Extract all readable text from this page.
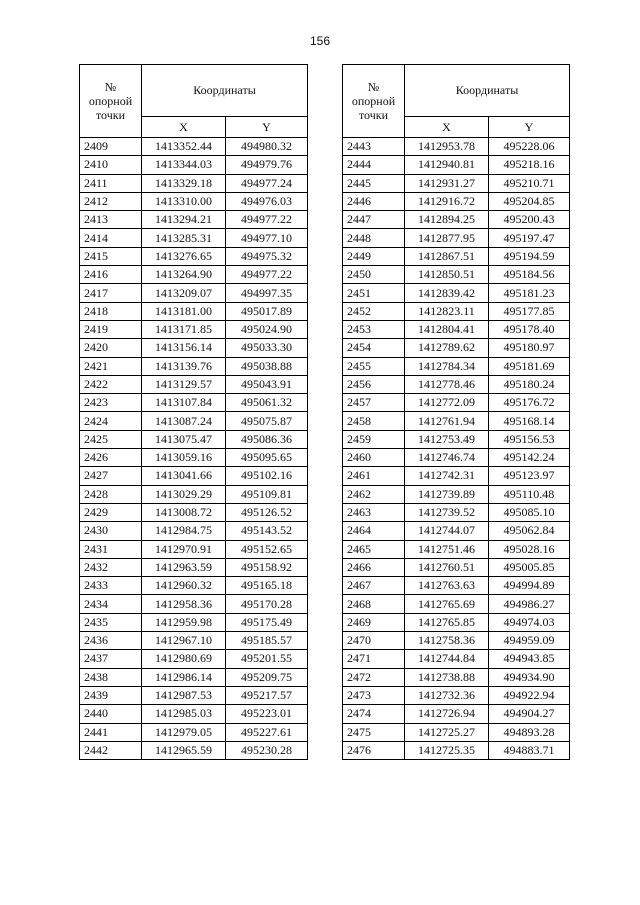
156
№ опорной точки	Координаты	
	X	Y
2409	1413352.44	494980.32
2410	1413344.03	494979.76
2411	1413329.18	494977.24
2412	1413310.00	494976.03
2413	1413294.21	494977.22
2414	1413285.31	494977.10
2415	1413276.65	494975.32
2416	1413264.90	494977.22
2417	1413209.07	494997.35
2418	1413181.00	495017.89
2419	1413171.85	495024.90
2420	1413156.14	495033.30
2421	1413139.76	495038.88
2422	1413129.57	495043.91
2423	1413107.84	495061.32
2424	1413087.24	495075.87
2425	1413075.47	495086.36
2426	1413059.16	495095.65
2427	1413041.66	495102.16
2428	1413029.29	495109.81
2429	1413008.72	495126.52
2430	1412984.75	495143.52
2431	1412970.91	495152.65
2432	1412963.59	495158.92
2433	1412960.32	495165.18
2434	1412958.36	495170.28
2435	1412959.98	495175.49
2436	1412967.10	495185.57
2437	1412980.69	495201.55
2438	1412986.14	495209.75
2439	1412987.53	495217.57
2440	1412985.03	495223.01
2441	1412979.05	495227.61
2442	1412965.59	495230.28
№ опорной точки	Координаты	
	X	Y
2443	1412953.78	495228.06
2444	1412940.81	495218.16
2445	1412931.27	495210.71
2446	1412916.72	495204.85
2447	1412894.25	495200.43
2448	1412877.95	495197.47
2449	1412867.51	495194.59
2450	1412850.51	495184.56
2451	1412839.42	495181.23
2452	1412823.11	495177.85
2453	1412804.41	495178.40
2454	1412789.62	495180.97
2455	1412784.34	495181.69
2456	1412778.46	495180.24
2457	1412772.09	495176.72
2458	1412761.94	495168.14
2459	1412753.49	495156.53
2460	1412746.74	495142.24
2461	1412742.31	495123.97
2462	1412739.89	495110.48
2463	1412739.52	495085.10
2464	1412744.07	495062.84
2465	1412751.46	495028.16
2466	1412760.51	495005.85
2467	1412763.63	494994.89
2468	1412765.69	494986.27
2469	1412765.85	494974.03
2470	1412758.36	494959.09
2471	1412744.84	494943.85
2472	1412738.88	494934.90
2473	1412732.36	494922.94
2474	1412726.94	494904.27
2475	1412725.27	494893.28
2476	1412725.35	494883.71
